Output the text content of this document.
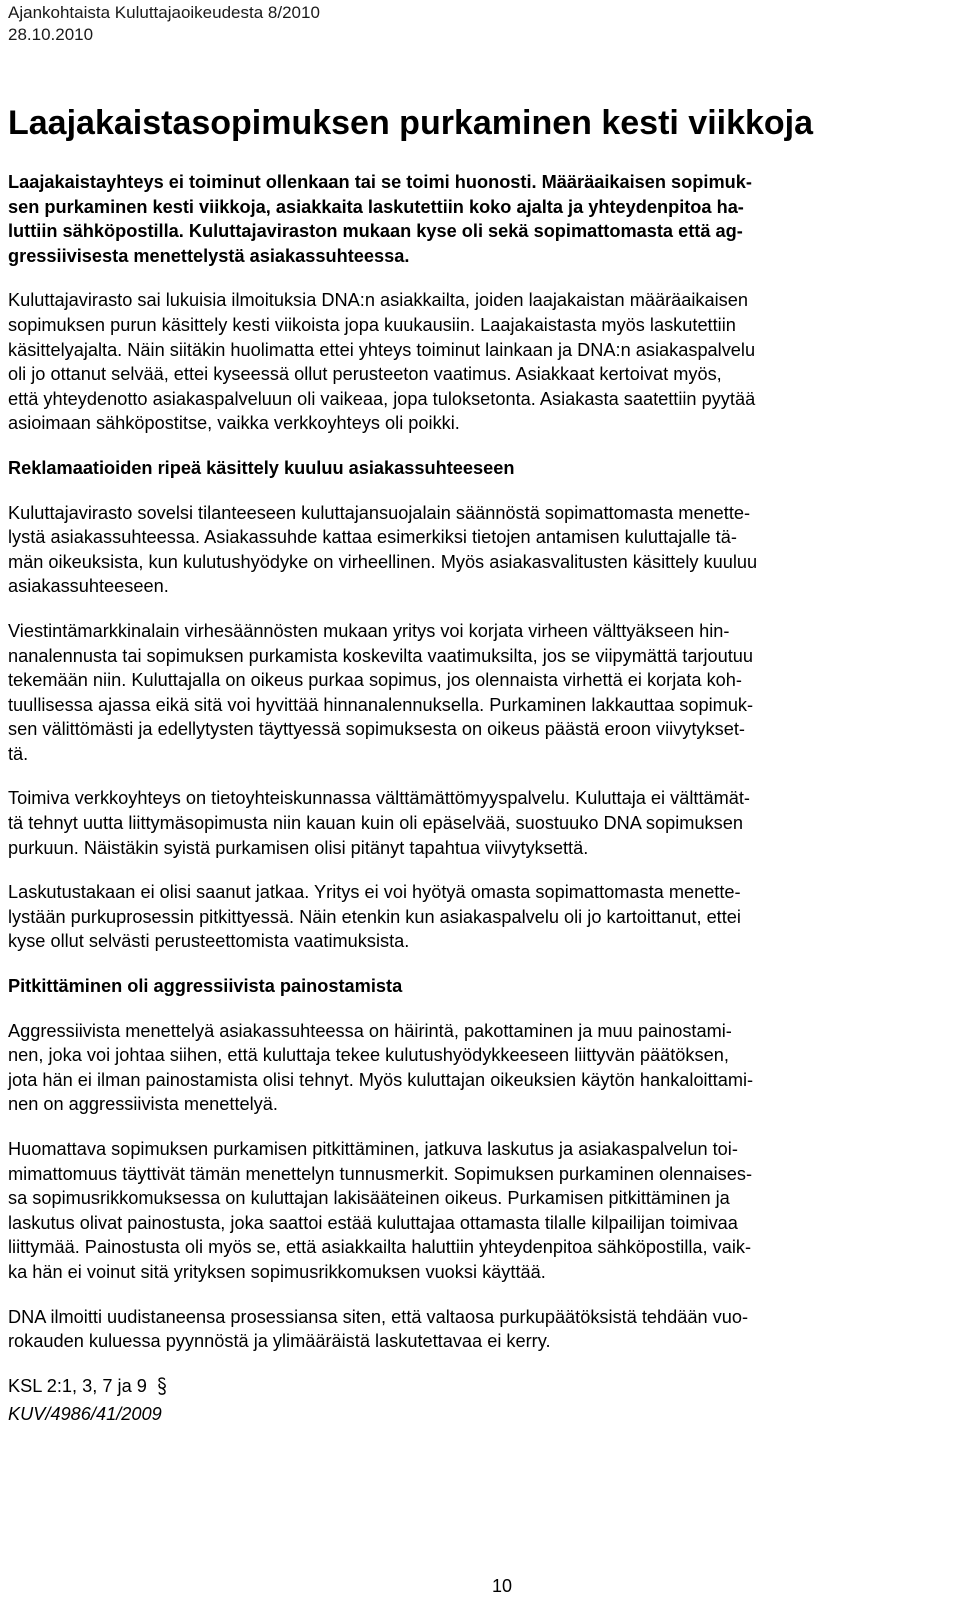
Ajankohtaista Kuluttajaoikeudesta 8/2010
28.10.2010
Laajakaistasopimuksen purkaminen kesti viikkoja
Laajakaistayhteys ei toiminut ollenkaan tai se toimi huonosti. Määräaikaisen sopimuk-
sen purkaminen kesti viikkoja, asiakkaita laskutettiin koko ajalta ja yhteydenpitoa ha-
luttiin sähköpostilla. Kuluttajaviraston mukaan kyse oli sekä sopimattomasta että ag-
gressiivisesta menettelystä asiakassuhteessa.
Kuluttajavirasto sai lukuisia ilmoituksia DNA:n asiakkailta, joiden laajakaistan määräaikaisen
sopimuksen purun käsittely kesti viikoista jopa kuukausiin. Laajakaistasta myös laskutettiin
käsittelyajalta. Näin siitäkin huolimatta ettei yhteys toiminut lainkaan ja DNA:n asiakaspalvelu
oli jo ottanut selvää, ettei kyseessä ollut perusteeton vaatimus. Asiakkaat kertoivat myös,
että yhteydenotto asiakaspalveluun oli vaikeaa, jopa tuloksetonta. Asiakasta saatettiin pyytää
asioimaan sähköpostitse, vaikka verkkoyhteys oli poikki.
Reklamaatioiden ripeä käsittely kuuluu asiakassuhteeseen
Kuluttajavirasto sovelsi tilanteeseen kuluttajansuojalain säännöstä sopimattomasta menette-
lystä asiakassuhteessa. Asiakassuhde kattaa esimerkiksi tietojen antamisen kuluttajalle tä-
män oikeuksista, kun kulutushyödyke on virheellinen. Myös asiakasvalitusten käsittely kuuluu
asiakassuhteeseen.
Viestintämarkkinalain virhesäännösten mukaan yritys voi korjata virheen välttyäkseen hin-
nanalennusta tai sopimuksen purkamista koskevilta vaatimuksilta, jos se viipymättä tarjoutuu
tekemään niin. Kuluttajalla on oikeus purkaa sopimus, jos olennaista virhettä ei korjata koh-
tuullisessa ajassa eikä sitä voi hyvittää hinnanalennuksella. Purkaminen lakkauttaa sopimuk-
sen välittömästi ja edellytysten täyttyessä sopimuksesta on oikeus päästä eroon viivytykset-
tä.
Toimiva verkkoyhteys on tietoyhteiskunnassa välttämättömyyspalvelu. Kuluttaja ei välttämät-
tä tehnyt uutta liittymäsopimusta niin kauan kuin oli epäselvää, suostuuko DNA sopimuksen
purkuun. Näistäkin syistä purkamisen olisi pitänyt tapahtua viivytyksettä.
Laskutustakaan ei olisi saanut jatkaa. Yritys ei voi hyötyä omasta sopimattomasta menette-
lystään purkuprosessin pitkittyessä. Näin etenkin kun asiakaspalvelu oli jo kartoittanut, ettei
kyse ollut selvästi perusteettomista vaatimuksista.
Pitkittäminen oli aggressiivista painostamista
Aggressiivista menettelyä asiakassuhteessa on häirintä, pakottaminen ja muu painostami-
nen, joka voi johtaa siihen, että kuluttaja tekee kulutushyödykkeeseen liittyvän päätöksen,
jota hän ei ilman painostamista olisi tehnyt. Myös kuluttajan oikeuksien käytön hankaloittami-
nen on aggressiivista menettelyä.
Huomattava sopimuksen purkamisen pitkittäminen, jatkuva laskutus ja asiakaspalvelun toi-
mimattomuus täyttivät tämän menettelyn tunnusmerkit. Sopimuksen purkaminen olennaises-
sa sopimusrikkomuksessa on kuluttajan lakisääteinen oikeus. Purkamisen pitkittäminen ja
laskutus olivat painostusta, joka saattoi estää kuluttajaa ottamasta tilalle kilpailijan toimivaa
liittymää. Painostusta oli myös se, että asiakkailta haluttiin yhteydenpitoa sähköpostilla, vaik-
ka hän ei voinut sitä yrityksen sopimusrikkomuksen vuoksi käyttää.
DNA ilmoitti uudistaneensa prosessiansa siten, että valtaosa purkupäätöksistä tehdään vuo-
rokauden kuluessa pyynnöstä ja ylimääräistä laskutettavaa ei kerry.
KSL 2:1, 3, 7 ja 9
KUV/4986/41/2009
10
